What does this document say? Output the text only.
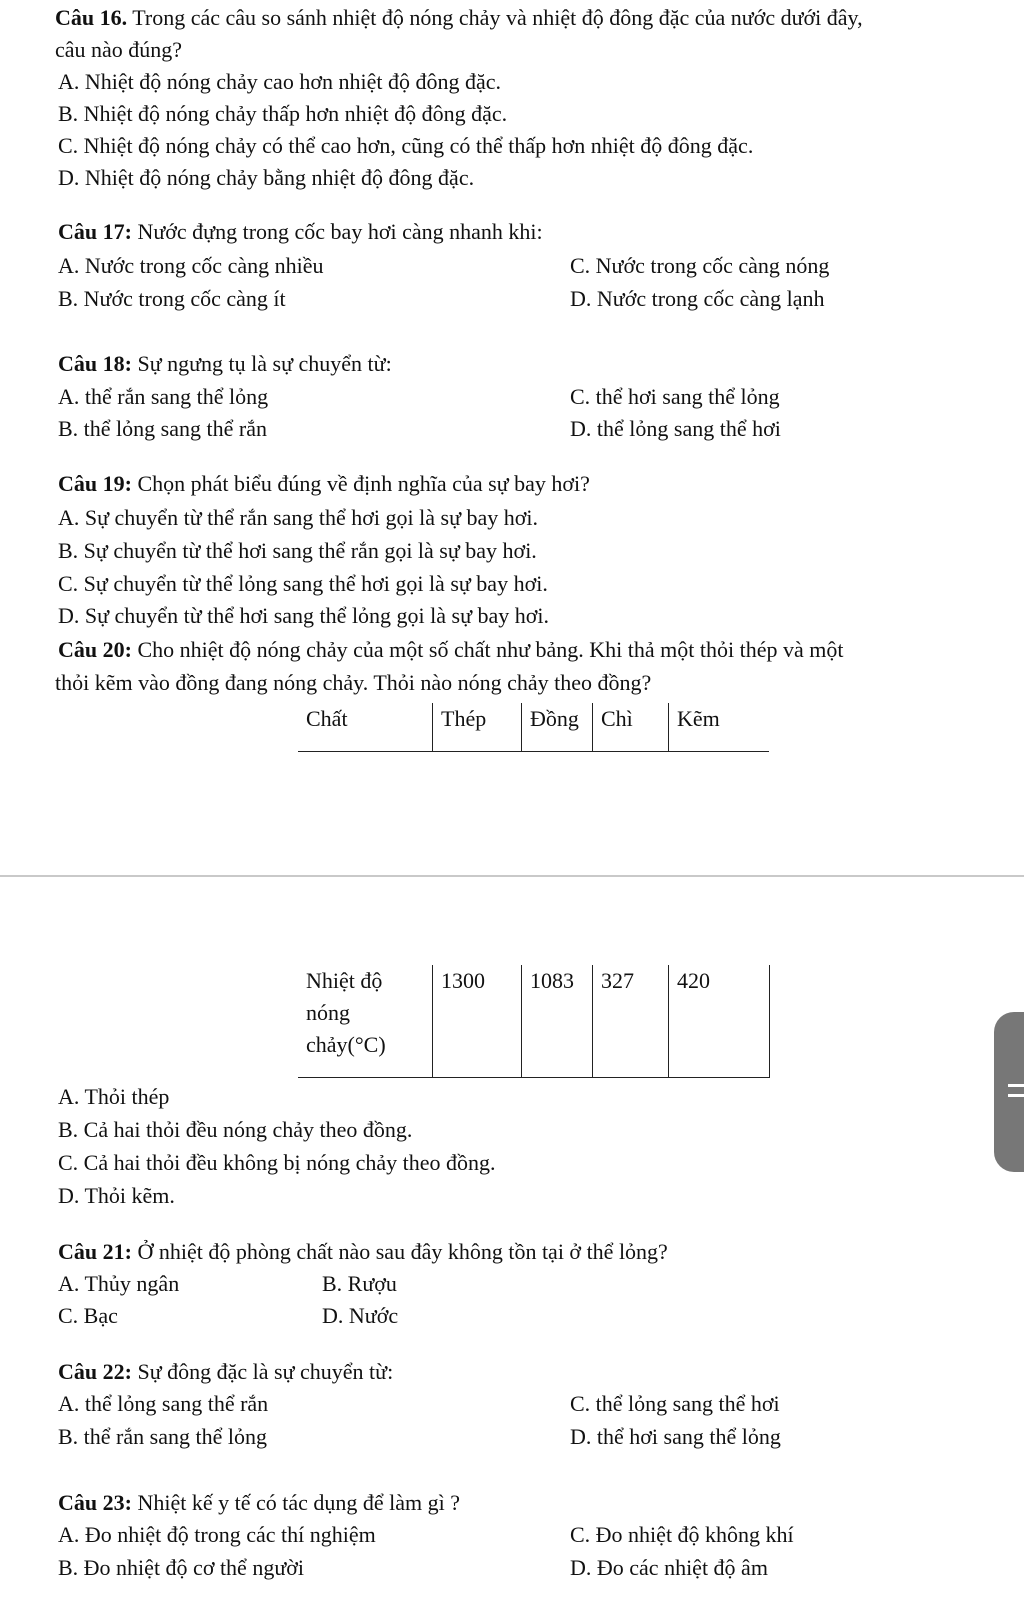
Câu 16. Trong các câu so sánh nhiệt độ nóng chảy và nhiệt độ đông đặc của nước dưới đây,
câu nào đúng?
A. Nhiệt độ nóng chảy cao hơn nhiệt độ đông đặc.
B. Nhiệt độ nóng chảy thấp hơn nhiệt độ đông đặc.
C. Nhiệt độ nóng chảy có thể cao hơn, cũng có thể thấp hơn nhiệt độ đông đặc.
D. Nhiệt độ nóng chảy bằng nhiệt độ đông đặc.
Câu 17: Nước đựng trong cốc bay hơi càng nhanh khi:
A. Nước trong cốc càng nhiều
B. Nước trong cốc càng ít
C. Nước trong cốc càng nóng
D. Nước trong cốc càng lạnh
Câu 18: Sự ngưng tụ là sự chuyển từ:
A. thể rắn sang thể lỏng
B. thể lỏng sang thể rắn
C. thể hơi sang thể lỏng
D. thể lỏng sang thể hơi
Câu 19: Chọn phát biểu đúng về định nghĩa của sự bay hơi?
A. Sự chuyển từ thể rắn sang thể hơi gọi là sự bay hơi.
B. Sự chuyển từ thể hơi sang thể rắn gọi là sự bay hơi.
C. Sự chuyển từ thể lỏng sang thể hơi gọi là sự bay hơi.
D. Sự chuyển từ thể hơi sang thể lỏng gọi là sự bay hơi.
Câu 20: Cho nhiệt độ nóng chảy của một số chất như bảng. Khi thả một thỏi thép và một
thỏi kẽm vào đồng đang nóng chảy. Thỏi nào nóng chảy theo đồng?
Chất	Thép	Đồng	Chì	Kẽm
Nhiệt độ
nóng
chảy(°C)
	1300	1083	327	420
A. Thỏi thép
B. Cả hai thỏi đều nóng chảy theo đồng.
C. Cả hai thỏi đều không bị nóng chảy theo đồng.
D. Thỏi kẽm.
Câu 21: Ở nhiệt độ phòng chất nào sau đây không tồn tại ở thể lỏng?
A. Thủy ngân
C. Bạc
B. Rượu
D. Nước
Câu 22: Sự đông đặc là sự chuyển từ:
A. thể lỏng sang thể rắn
B. thể rắn sang thể lỏng
C. thể lỏng sang thể hơi
D. thể hơi sang thể lỏng
Câu 23: Nhiệt kế y tế có tác dụng để làm gì ?
A. Đo nhiệt độ trong các thí nghiệm
B. Đo nhiệt độ cơ thể người
C. Đo nhiệt độ không khí
D. Đo các nhiệt độ âm
